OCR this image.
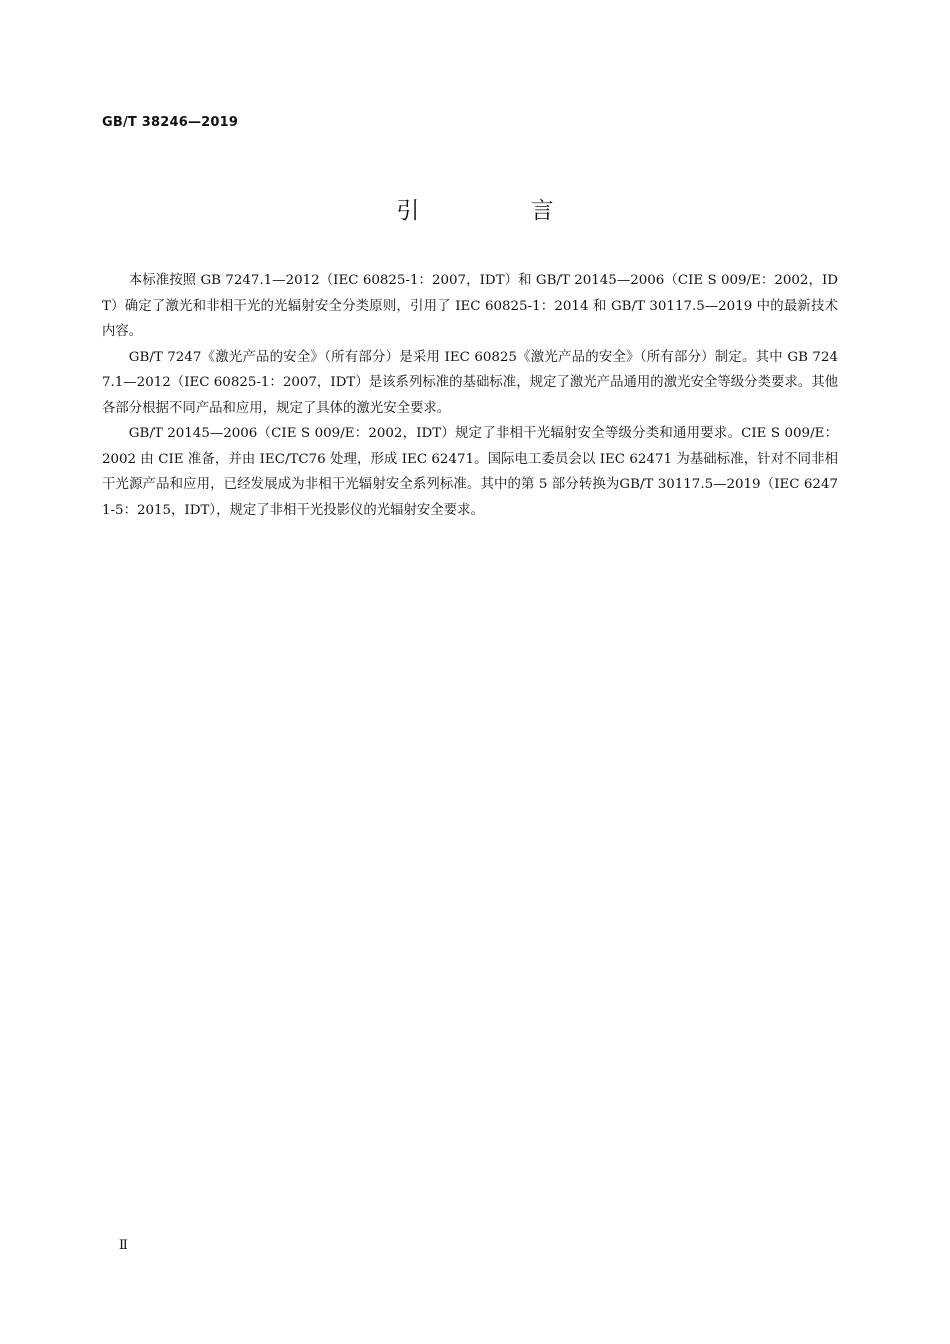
GB/T 38246—2019
引 言

本标准按照 GB 7247.1—2012（IEC 60825-1：2007，IDT）和 GB/T 20145—2006（CIE S 009/E：2002，IDT）确定了激光和非相干光的光辐射安全分类原则，引用了 IEC 60825-1：2014 和 GB/T 30117.5—2019 中的最新技术内容。

GB/T 7247《激光产品的安全》（所有部分）是采用 IEC 60825《激光产品的安全》（所有部分）制定。其中 GB 7247.1—2012（IEC 60825-1：2007，IDT）是该系列标准的基础标准，规定了激光产品通用的激光安全等级分类要求。其他各部分根据不同产品和应用，规定了具体的激光安全要求。

GB/T 20145—2006（CIE S 009/E：2002，IDT）规定了非相干光辐射安全等级分类和通用要求。CIE S 009/E：2002 由 CIE 准备，并由 IEC/TC76 处理，形成 IEC 62471。国际电工委员会以 IEC 62471 为基础标准，针对不同非相干光源产品和应用，已经发展成为非相干光辐射安全系列标准。其中的第 5 部分转换为GB/T 30117.5—2019（IEC 62471-5：2015，IDT），规定了非相干光投影仪的光辐射安全要求。

Ⅱ
